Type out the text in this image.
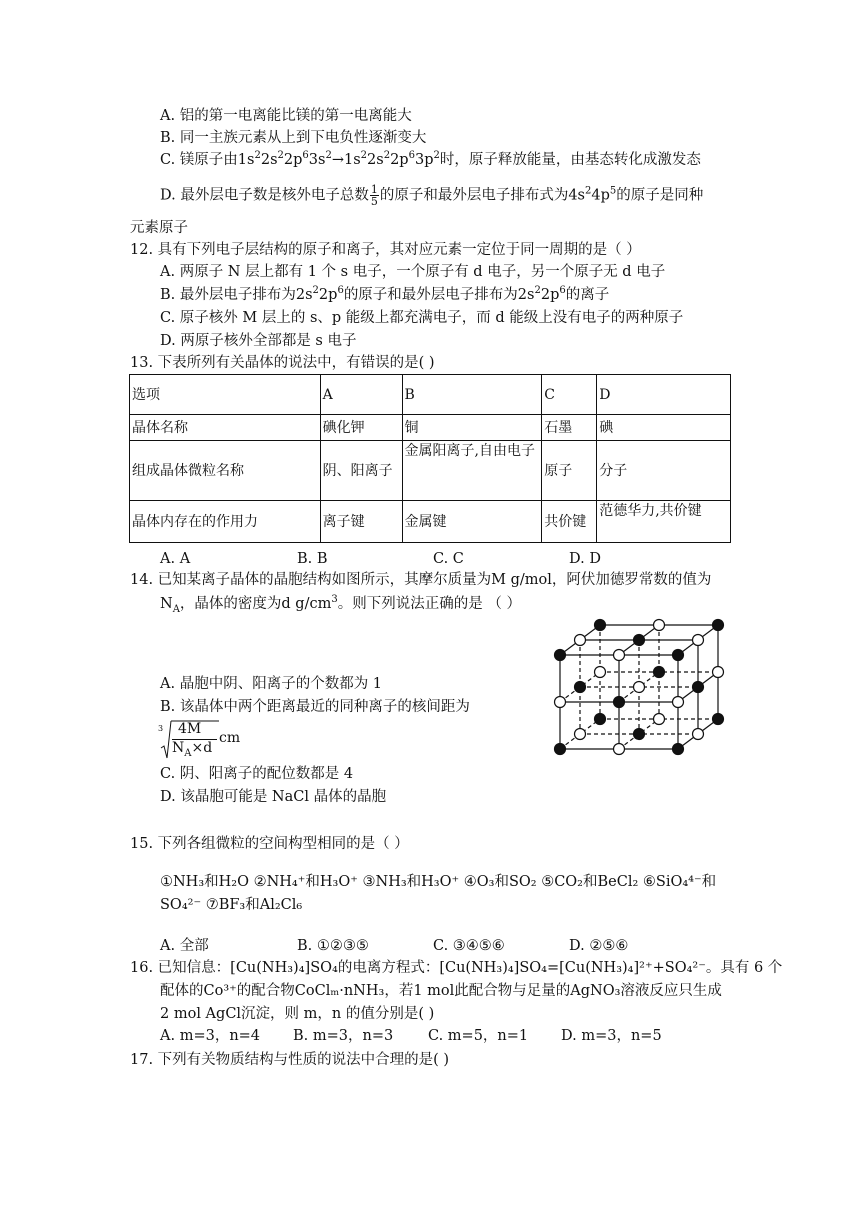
A. 铝的第一电离能比镁的第一电离能大
B. 同一主族元素从上到下电负性逐渐变大
C. 镁原子由$1s^22s^22p^63s^2\to 1s^22s^22p^63p^2$时，原子释放能量，由基态转化成激发态
D. 最外层电子数是核外电子总数 $\frac{1}{5}$ 的原子和最外层电子排布式为$4s^24p^5$的原子是同种
元素原子
12. 具有下列电子层结构的原子和离子，其对应元素一定位于同一周期的是（ ）
A. 两原子 N 层上都有 1 个 s 电子，一个原子有 d 电子，另一个原子无 d 电子
B. 最外层电子排布为$2s^22p^6$的原子和最外层电子排布为$2s^22p^6$的离子
C. 原子核外 M 层上的 s、p 能级上都充满电子，而 d 能级上没有电子的两种原子
D. 两原子核外全部都是 s 电子
13. 下表所列有关晶体的说法中，有错误的是( )
选项	A	B	C	D
晶体名称	碘化钾	铜	石墨	碘
组成晶体微粒名称	阴、阳离子	金属阳离子,自由电子	原子	分子
晶体内存在的作用力	离子键	金属键	共价键	范德华力,共价键
A. A	B. B	C. C	D. D
14. 已知某离子晶体的晶胞结构如图所示，其摩尔质量为M g/mol，阿伏加德罗常数的值为
$N_A$，晶体的密度为d $g/cm^3$。则下列说法正确的是 （ ）
A. 晶胞中阴、阳离子的个数都为 1
B. 该晶体中两个距离最近的同种离子的核间距为
3 4M
$N_A\times d$
cm
C. 阴、阳离子的配位数都是 4
D. 该晶胞可能是 NaCl 晶体的晶胞
15. 下列各组微粒的空间构型相同的是（ ）
①NH₃和H₂O ②NH₄⁺和H₃O⁺ ③NH₃和H₃O⁺ ④O₃和SO₂ ⑤CO₂和BeCl₂ ⑥SiO₄⁴⁻和
SO₄²⁻ ⑦BF₃和Al₂Cl₆
A. 全部	B. ①②③⑤	C. ③④⑤⑥	D. ②⑤⑥
16. 已知信息：[Cu(NH₃)₄]SO₄的电离方程式：[Cu(NH₃)₄]SO₄=[Cu(NH₃)₄]²⁺+SO₄²⁻。具有 6 个
配体的Co³⁺的配合物CoClₘ·nNH₃，若1 mol此配合物与足量的AgNO₃溶液反应只生成
2 mol AgCl沉淀，则 m，n 的值分别是( )
A. m=3，n=4 B. m=3，n=3 C. m=5，n=1 D. m=3，n=5
17. 下列有关物质结构与性质的说法中合理的是( )
